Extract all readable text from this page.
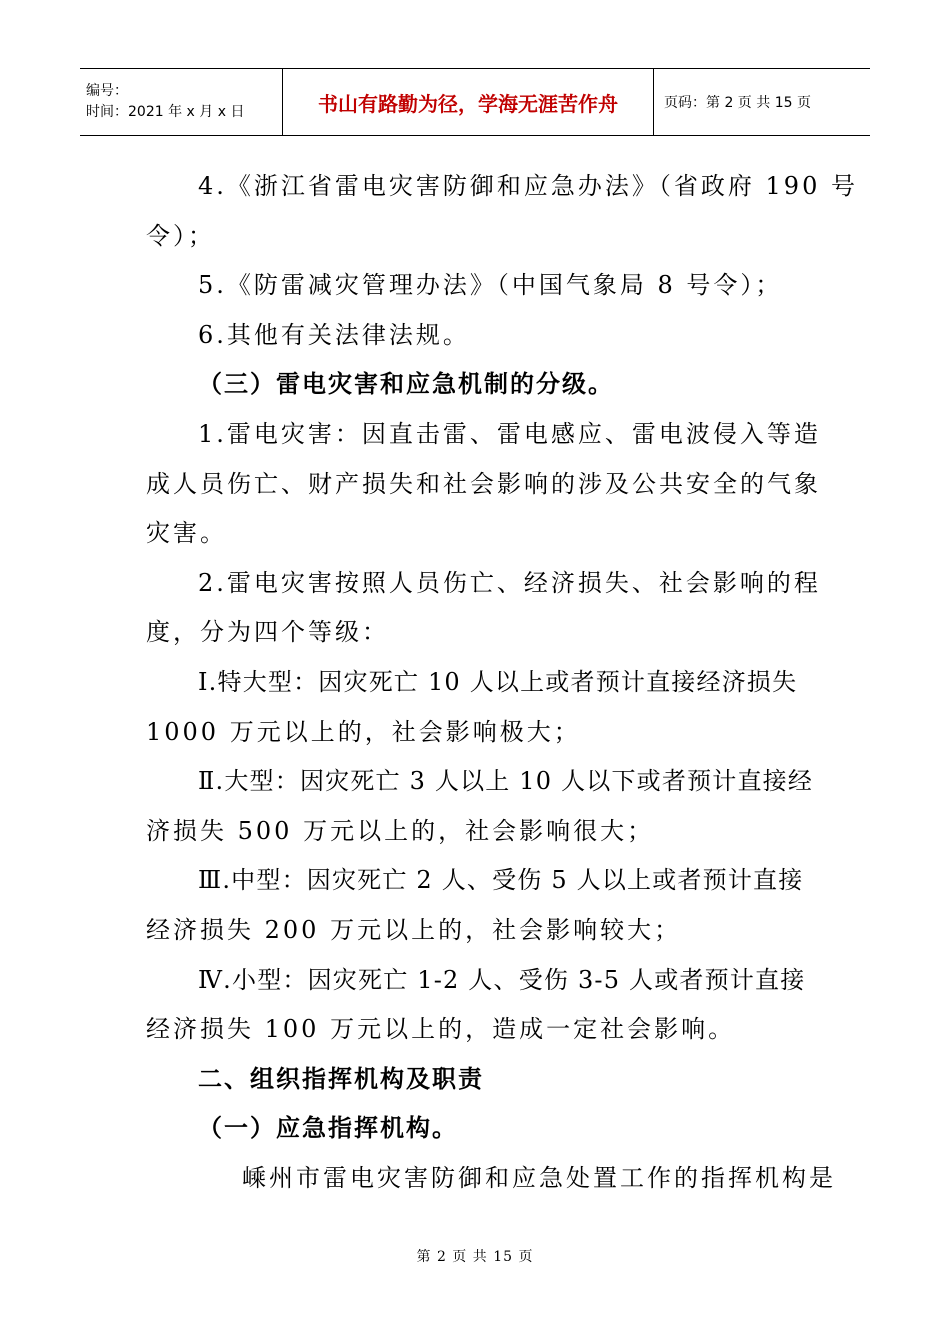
编号：
时间：2021 年 x 月 x 日	书山有路勤为径，学海无涯苦作舟	页码：第 2 页 共 15 页
4.《浙江省雷电灾害防御和应急办法》（省政府 190 号
令）；
5.《防雷减灾管理办法》（中国气象局 8 号令）；
6.其他有关法律法规。
（三）雷电灾害和应急机制的分级。
1.雷电灾害：因直击雷、雷电感应、雷电波侵入等造
成人员伤亡、财产损失和社会影响的涉及公共安全的气象
灾害。
2.雷电灾害按照人员伤亡、经济损失、社会影响的程
度，分为四个等级：
Ⅰ.特大型：因灾死亡 10 人以上或者预计直接经济损失
1000 万元以上的，社会影响极大；
Ⅱ.大型：因灾死亡 3 人以上 10 人以下或者预计直接经
济损失 500 万元以上的，社会影响很大；
Ⅲ.中型：因灾死亡 2 人、受伤 5 人以上或者预计直接
经济损失 200 万元以上的，社会影响较大；
Ⅳ.小型：因灾死亡 1-2 人、受伤 3-5 人或者预计直接
经济损失 100 万元以上的，造成一定社会影响。
二、组织指挥机构及职责
（一）应急指挥机构。
嵊州市雷电灾害防御和应急处置工作的指挥机构是
第 2 页 共 15 页
